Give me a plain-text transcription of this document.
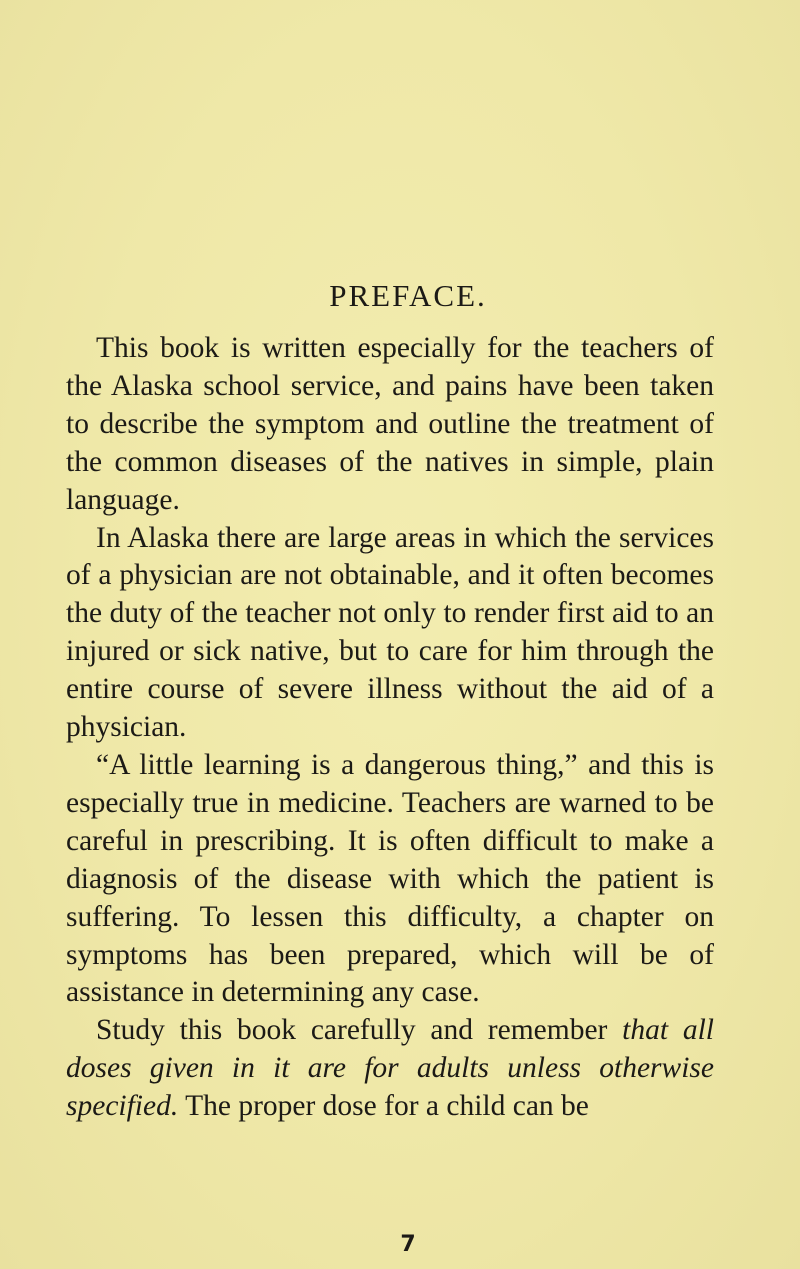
PREFACE.

This book is written especially for the teachers of the Alaska school service, and pains have been taken to describe the symptom and outline the treatment of the common diseases of the natives in simple, plain language.

In Alaska there are large areas in which the services of a physician are not obtainable, and it often becomes the duty of the teacher not only to render first aid to an injured or sick native, but to care for him through the entire course of severe illness without the aid of a physician.

“A little learning is a dangerous thing,” and this is especially true in medicine. Teachers are warned to be careful in prescribing. It is often difficult to make a diagnosis of the disease with which the patient is suffering. To lessen this difficulty, a chapter on symptoms has been prepared, which will be of assistance in determining any case.

Study this book carefully and remember that all doses given in it are for adults unless otherwise specified. The proper dose for a child can be

7
